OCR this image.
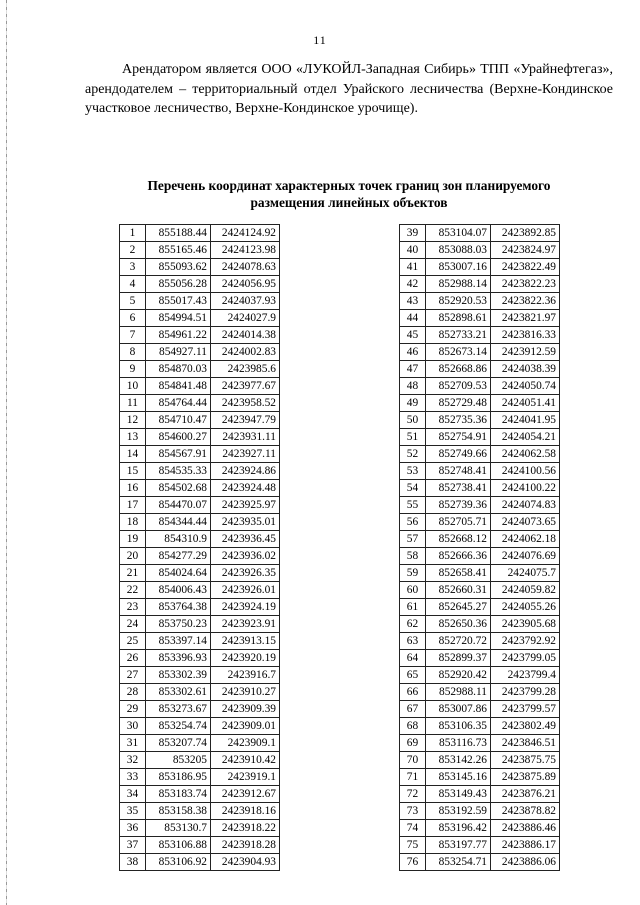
11

Арендатором является ООО «ЛУКОЙЛ-Западная Сибирь» ТПП «Урайнефтегаз», арендодателем – территориальный отдел Урайского лесничества (Верхне-Кондинское участковое лесничество, Верхне-Кондинское урочище).

Перечень координат характерных точек границ зон планируемого
размещения линейных объектов
1	855188.44	2424124.92
2	855165.46	2424123.98
3	855093.62	2424078.63
4	855056.28	2424056.95
5	855017.43	2424037.93
6	854994.51	2424027.9
7	854961.22	2424014.38
8	854927.11	2424002.83
9	854870.03	2423985.6
10	854841.48	2423977.67
11	854764.44	2423958.52
12	854710.47	2423947.79
13	854600.27	2423931.11
14	854567.91	2423927.11
15	854535.33	2423924.86
16	854502.68	2423924.48
17	854470.07	2423925.97
18	854344.44	2423935.01
19	854310.9	2423936.45
20	854277.29	2423936.02
21	854024.64	2423926.35
22	854006.43	2423926.01
23	853764.38	2423924.19
24	853750.23	2423923.91
25	853397.14	2423913.15
26	853396.93	2423920.19
27	853302.39	2423916.7
28	853302.61	2423910.27
29	853273.67	2423909.39
30	853254.74	2423909.01
31	853207.74	2423909.1
32	853205	2423910.42
33	853186.95	2423919.1
34	853183.74	2423912.67
35	853158.38	2423918.16
36	853130.7	2423918.22
37	853106.88	2423918.28
38	853106.92	2423904.93
39	853104.07	2423892.85
40	853088.03	2423824.97
41	853007.16	2423822.49
42	852988.14	2423822.23
43	852920.53	2423822.36
44	852898.61	2423821.97
45	852733.21	2423816.33
46	852673.14	2423912.59
47	852668.86	2424038.39
48	852709.53	2424050.74
49	852729.48	2424051.41
50	852735.36	2424041.95
51	852754.91	2424054.21
52	852749.66	2424062.58
53	852748.41	2424100.56
54	852738.41	2424100.22
55	852739.36	2424074.83
56	852705.71	2424073.65
57	852668.12	2424062.18
58	852666.36	2424076.69
59	852658.41	2424075.7
60	852660.31	2424059.82
61	852645.27	2424055.26
62	852650.36	2423905.68
63	852720.72	2423792.92
64	852899.37	2423799.05
65	852920.42	2423799.4
66	852988.11	2423799.28
67	853007.86	2423799.57
68	853106.35	2423802.49
69	853116.73	2423846.51
70	853142.26	2423875.75
71	853145.16	2423875.89
72	853149.43	2423876.21
73	853192.59	2423878.82
74	853196.42	2423886.46
75	853197.77	2423886.17
76	853254.71	2423886.06
